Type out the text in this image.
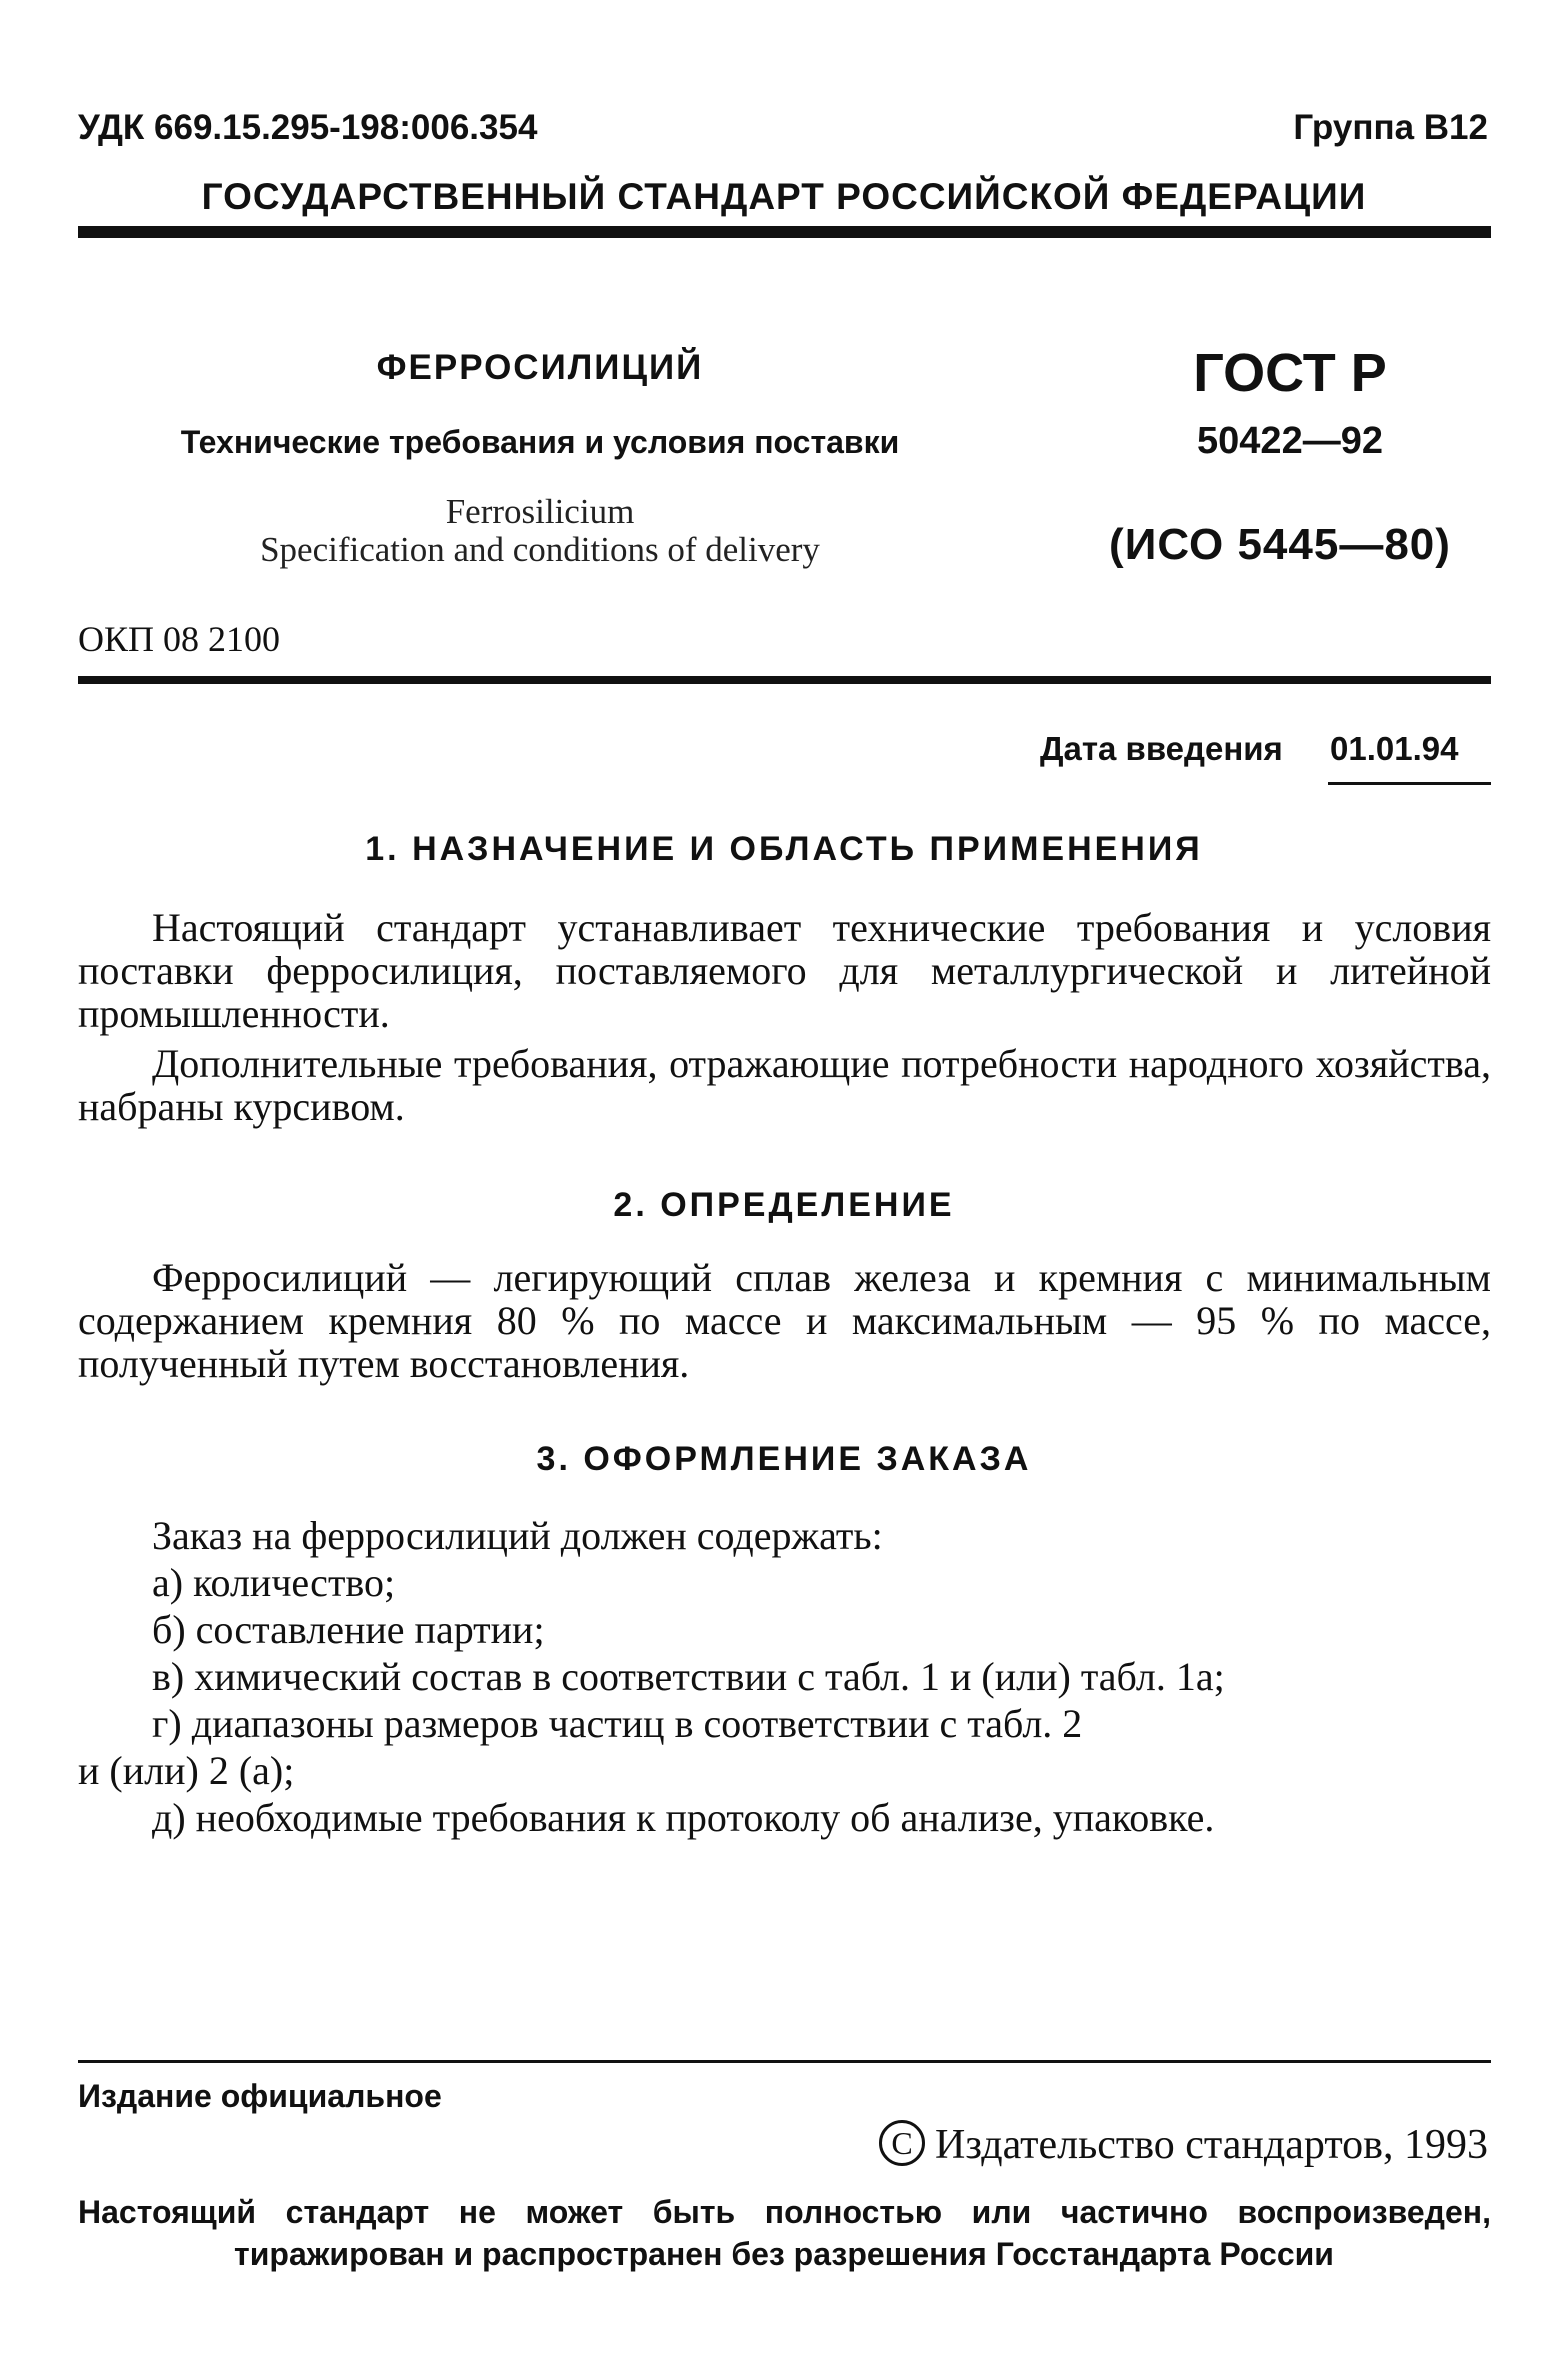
УДК 669.15.295-198:006.354	Группа В12
ГОСУДАРСТВЕННЫЙ СТАНДАРТ РОССИЙСКОЙ ФЕДЕРАЦИИ
ФЕРРОСИЛИЦИЙ
Технические требования и условия поставки
Ferrosilicium
Specification and conditions of delivery
ГОСТ Р
50422—92
(ИСО 5445—80)
ОКП 08 2100
Дата введения 01.01.94
1. НАЗНАЧЕНИЕ И ОБЛАСТЬ ПРИМЕНЕНИЯ
Настоящий стандарт устанавливает технические требования и условия поставки ферросилиция, поставляемого для металлургической и литейной промышленности.
Дополнительные требования, отражающие потребности народного хозяйства, набраны курсивом.
2. ОПРЕДЕЛЕНИЕ
Ферросилиций — легирующий сплав железа и кремния с минимальным содержанием кремния 80 % по массе и максимальным — 95 % по массе, полученный путем восстановления.
3. ОФОРМЛЕНИЕ ЗАКАЗА
Заказ на ферросилиций должен содержать:
а) количество;
б) составление партии;
в) химический состав в соответствии с табл. 1 и (или) табл. 1а;
г) диапазоны размеров частиц в соответствии с табл. 2
и (или) 2 (а);
д) необходимые требования к протоколу об анализе, упаковке.
Издание официальное
C Издательство стандартов, 1993
Настоящий стандарт не может быть полностью или частично воспроизведен,
тиражирован и распространен без разрешения Госстандарта России
